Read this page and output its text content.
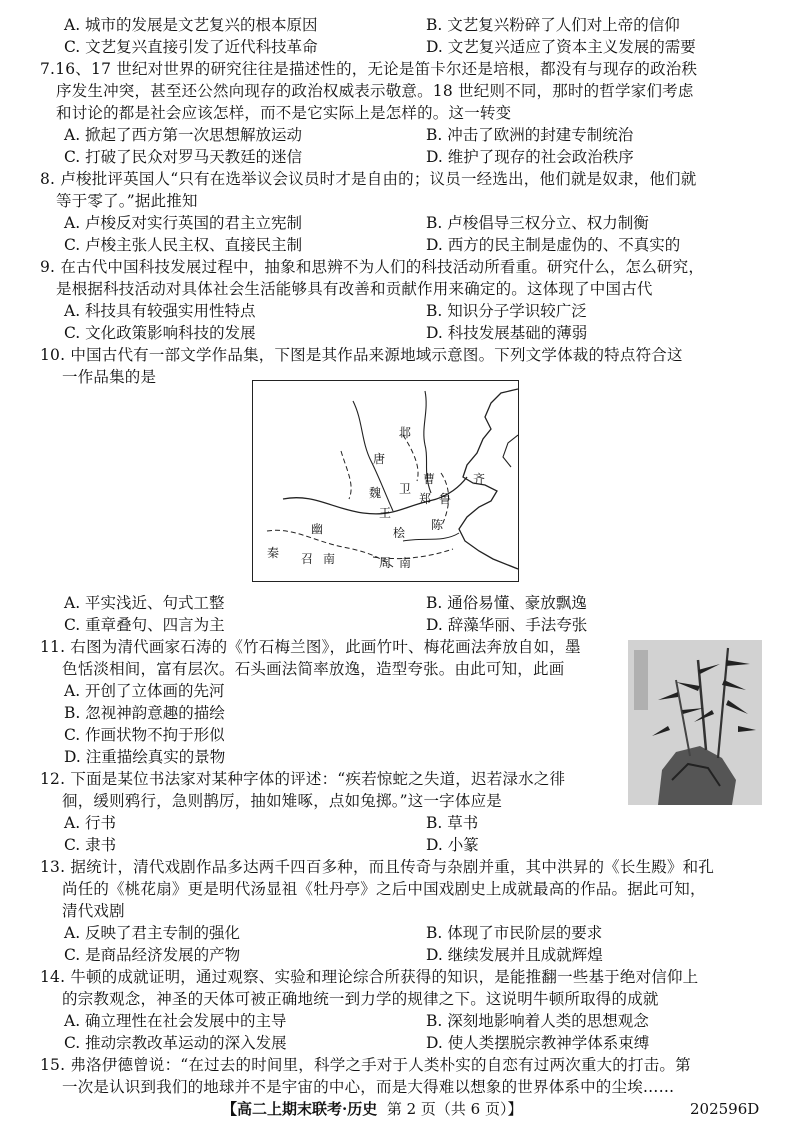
A. 城市的发展是文艺复兴的根本原因	B. 文艺复兴粉碎了人们对上帝的信仰
C. 文艺复兴直接引发了近代科技革命	D. 文艺复兴适应了资本主义发展的需要
7.16、17 世纪对世界的研究往往是描述性的，无论是笛卡尔还是培根，都没有与现存的政治秩
序发生冲突，甚至还公然向现存的政治权威表示敬意。18 世纪则不同，那时的哲学家们考虑
和讨论的都是社会应该怎样，而不是它实际上是怎样的。这一转变
A. 掀起了西方第一次思想解放运动	B. 冲击了欧洲的封建专制统治
C. 打破了民众对罗马天教廷的迷信	D. 维护了现存的社会政治秩序
8. 卢梭批评英国人“只有在选举议会议员时才是自由的；议员一经选出，他们就是奴隶，他们就
等于零了。”据此推知
A. 卢梭反对实行英国的君主立宪制	B. 卢梭倡导三权分立、权力制衡
C. 卢梭主张人民主权、直接民主制	D. 西方的民主制是虚伪的、不真实的
9. 在古代中国科技发展过程中，抽象和思辨不为人们的科技活动所看重。研究什么，怎么研究，
是根据科技活动对具体社会生活能够具有改善和贡献作用来确定的。这体现了中国古代
A. 科技具有较强实用性特点	B. 知识分子学识较广泛
C. 文化政策影响科技的发展	D. 科技发展基础的薄弱
10. 中国古代有一部文学作品集，下图是其作品来源地域示意图。下列文学体裁的特点符合这
一作品集的是
邶
齐
唐
卫
曹
魏	郑 鲁
王
幽	桧
陈
秦 召 南	周 南
A. 平实浅近、句式工整	B. 通俗易懂、豪放飘逸
C. 重章叠句、四言为主	D. 辞藻华丽、手法夸张
11. 右图为清代画家石涛的《竹石梅兰图》，此画竹叶、梅花画法奔放自如，墨
色恬淡相间，富有层次。石头画法简率放逸，造型夸张。由此可知，此画
A. 开创了立体画的先河
B. 忽视神韵意趣的描绘
C. 作画状物不拘于形似
D. 注重描绘真实的景物
12. 下面是某位书法家对某种字体的评述：“疾若惊蛇之失道，迟若渌水之徘
徊，缓则鸦行，急则鹊厉，抽如雉啄，点如兔掷。”这一字体应是
A. 行书	B. 草书
C. 隶书	D. 小篆
13. 据统计，清代戏剧作品多达两千四百多种，而且传奇与杂剧并重，其中洪昇的《长生殿》和孔
尚任的《桃花扇》更是明代汤显祖《牡丹亭》之后中国戏剧史上成就最高的作品。据此可知，
清代戏剧
A. 反映了君主专制的强化	B. 体现了市民阶层的要求
C. 是商品经济发展的产物	D. 继续发展并且成就辉煌
14. 牛顿的成就证明，通过观察、实验和理论综合所获得的知识，是能推翻一些基于绝对信仰上
的宗教观念，神圣的天体可被正确地统一到力学的规律之下。这说明牛顿所取得的成就
A. 确立理性在社会发展中的主导	B. 深刻地影响着人类的思想观念
C. 推动宗教改革运动的深入发展	D. 使人类摆脱宗教神学体系束缚
15. 弗洛伊德曾说：“在过去的时间里，科学之手对于人类朴实的自恋有过两次重大的打击。第
一次是认识到我们的地球并不是宇宙的中心，而是大得难以想象的世界体系中的尘埃……
【高二上期末联考·历史 第 2 页（共 6 页）】	202596D
